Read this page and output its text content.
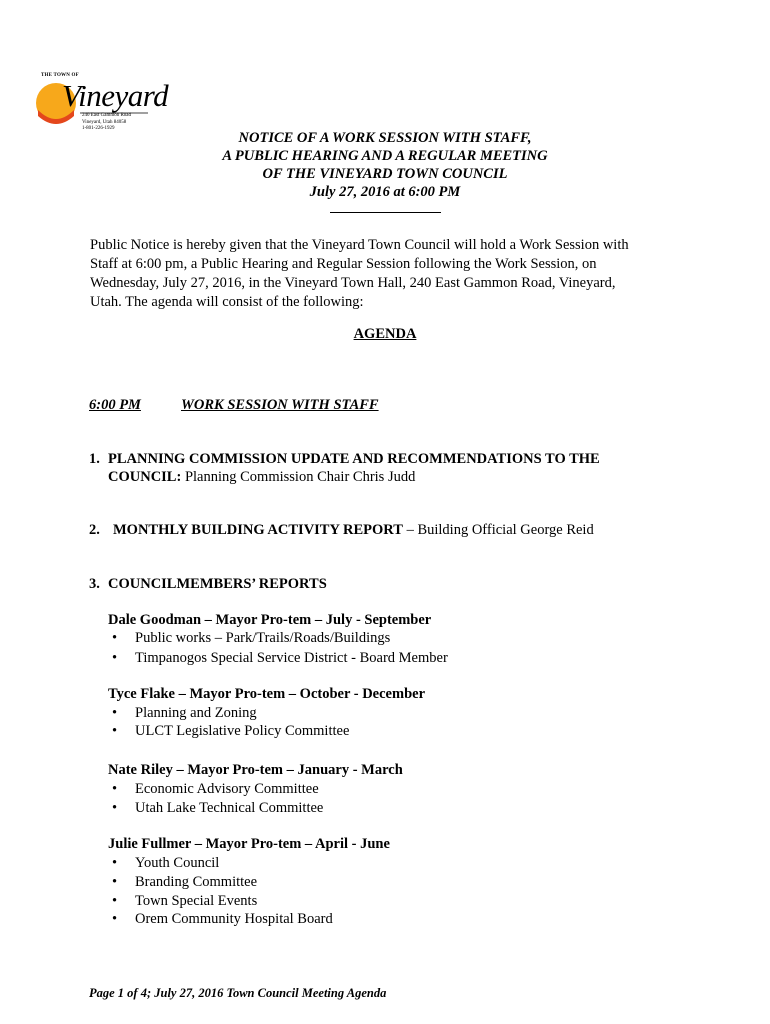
THE TOWN OF
Vineyard
240 East Gammon Road
Vineyard, Utah 84058
1-801-226-1929
NOTICE OF A WORK SESSION WITH STAFF,
A PUBLIC HEARING AND A REGULAR MEETING
OF THE VINEYARD TOWN COUNCIL
July 27, 2016 at 6:00 PM
Public Notice is hereby given that the Vineyard Town Council will hold a Work Session with
Staff at 6:00 pm, a Public Hearing and Regular Session following the Work Session, on
Wednesday, July 27, 2016, in the Vineyard Town Hall, 240 East Gammon Road, Vineyard,
Utah. The agenda will consist of the following:
AGENDA
6:00 PM	WORK SESSION WITH STAFF
1. PLANNING COMMISSION UPDATE AND RECOMMENDATIONS TO THE
COUNCIL: Planning Commission Chair Chris Judd
2. MONTHLY BUILDING ACTIVITY REPORT – Building Official George Reid
3. COUNCILMEMBERS’ REPORTS
Dale Goodman – Mayor Pro-tem – July - September
• Public works – Park/Trails/Roads/Buildings
• Timpanogos Special Service District - Board Member
Tyce Flake – Mayor Pro-tem – October - December
• Planning and Zoning
• ULCT Legislative Policy Committee
Nate Riley – Mayor Pro-tem – January - March
• Economic Advisory Committee
• Utah Lake Technical Committee
Julie Fullmer – Mayor Pro-tem – April - June
• Youth Council
• Branding Committee
• Town Special Events
• Orem Community Hospital Board
Page 1 of 4; July 27, 2016 Town Council Meeting Agenda
